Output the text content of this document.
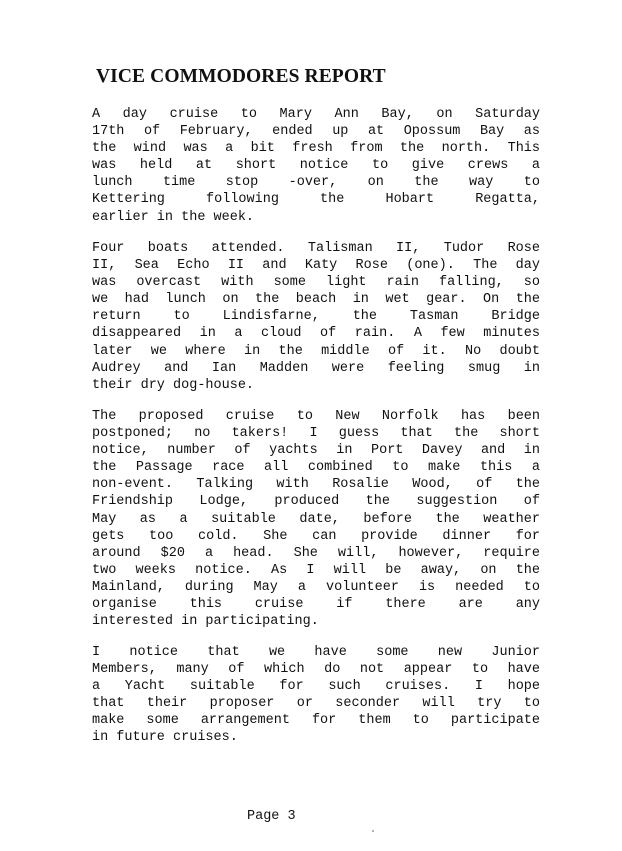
VICE COMMODORES REPORT
A day cruise to Mary Ann Bay, on Saturday
17th of February, ended up at Opossum Bay as
the wind was a bit fresh from the north. This
was held at short notice to give crews a
lunch time stop -over, on the way to
Kettering following the Hobart Regatta,
earlier in the week.
Four boats attended. Talisman II, Tudor Rose
II, Sea Echo II and Katy Rose (one). The day
was overcast with some light rain falling, so
we had lunch on the beach in wet gear. On the
return to Lindisfarne, the Tasman Bridge
disappeared in a cloud of rain. A few minutes
later we where in the middle of it. No doubt
Audrey and Ian Madden were feeling smug in
their dry dog-house.
The proposed cruise to New Norfolk has been
postponed; no takers! I guess that the short
notice, number of yachts in Port Davey and in
the Passage race all combined to make this a
non-event. Talking with Rosalie Wood, of the
Friendship Lodge, produced the suggestion of
May as a suitable date, before the weather
gets too cold. She can provide dinner for
around $20 a head. She will, however, require
two weeks notice. As I will be away, on the
Mainland, during May a volunteer is needed to
organise this cruise if there are any
interested in participating.
I notice that we have some new Junior
Members, many of which do not appear to have
a Yacht suitable for such cruises. I hope
that their proposer or seconder will try to
make some arrangement for them to participate
in future cruises.

Page 3
